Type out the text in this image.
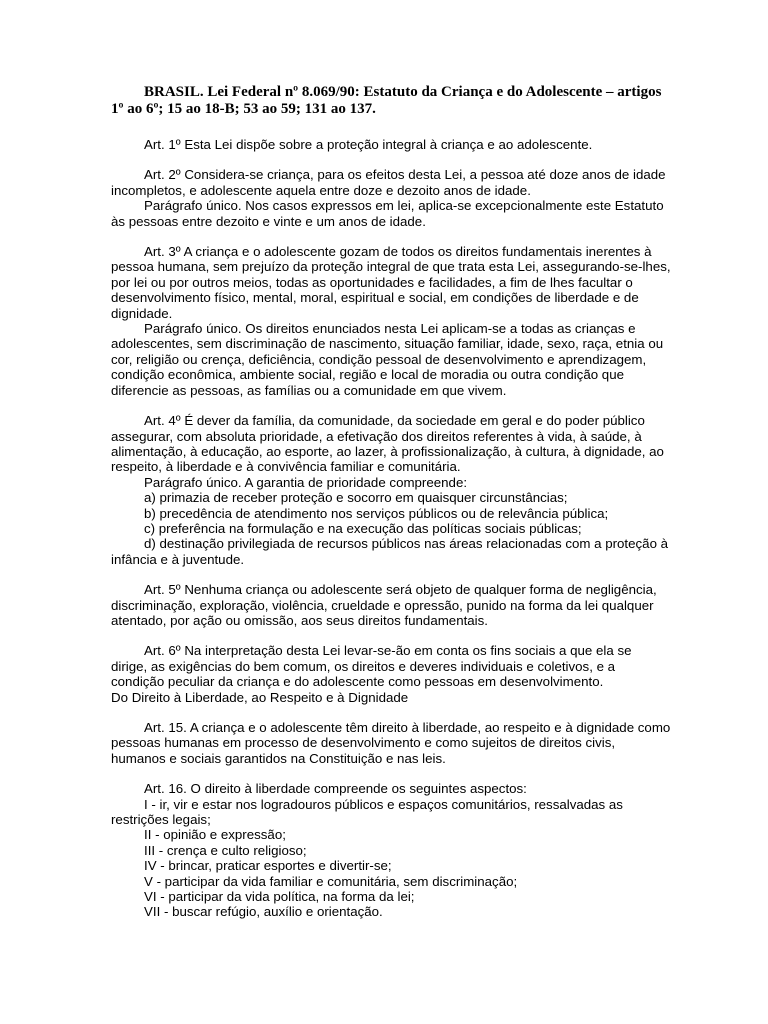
BRASIL. Lei Federal nº 8.069/90: Estatuto da Criança e do Adolescente – artigos 1º ao 6º; 15 ao 18-B; 53 ao 59; 131 ao 137.

Art. 1º Esta Lei dispõe sobre a proteção integral à criança e ao adolescente.

Art. 2º Considera-se criança, para os efeitos desta Lei, a pessoa até doze anos de idade incompletos, e adolescente aquela entre doze e dezoito anos de idade.

Parágrafo único. Nos casos expressos em lei, aplica-se excepcionalmente este Estatuto às pessoas entre dezoito e vinte e um anos de idade.

Art. 3º A criança e o adolescente gozam de todos os direitos fundamentais inerentes à pessoa humana, sem prejuízo da proteção integral de que trata esta Lei, assegurando-se-lhes, por lei ou por outros meios, todas as oportunidades e facilidades, a fim de lhes facultar o desenvolvimento físico, mental, moral, espiritual e social, em condições de liberdade e de dignidade.

Parágrafo único. Os direitos enunciados nesta Lei aplicam-se a todas as crianças e adolescentes, sem discriminação de nascimento, situação familiar, idade, sexo, raça, etnia ou cor, religião ou crença, deficiência, condição pessoal de desenvolvimento e aprendizagem, condição econômica, ambiente social, região e local de moradia ou outra condição que diferencie as pessoas, as famílias ou a comunidade em que vivem.

Art. 4º É dever da família, da comunidade, da sociedade em geral e do poder público assegurar, com absoluta prioridade, a efetivação dos direitos referentes à vida, à saúde, à alimentação, à educação, ao esporte, ao lazer, à profissionalização, à cultura, à dignidade, ao respeito, à liberdade e à convivência familiar e comunitária.

Parágrafo único. A garantia de prioridade compreende:

a) primazia de receber proteção e socorro em quaisquer circunstâncias;

b) precedência de atendimento nos serviços públicos ou de relevância pública;

c) preferência na formulação e na execução das políticas sociais públicas;

d) destinação privilegiada de recursos públicos nas áreas relacionadas com a proteção à infância e à juventude.

Art. 5º Nenhuma criança ou adolescente será objeto de qualquer forma de negligência, discriminação, exploração, violência, crueldade e opressão, punido na forma da lei qualquer atentado, por ação ou omissão, aos seus direitos fundamentais.

Art. 6º Na interpretação desta Lei levar-se-ão em conta os fins sociais a que ela se dirige, as exigências do bem comum, os direitos e deveres individuais e coletivos, e a condição peculiar da criança e do adolescente como pessoas em desenvolvimento.

Do Direito à Liberdade, ao Respeito e à Dignidade

Art. 15. A criança e o adolescente têm direito à liberdade, ao respeito e à dignidade como pessoas humanas em processo de desenvolvimento e como sujeitos de direitos civis, humanos e sociais garantidos na Constituição e nas leis.

Art. 16. O direito à liberdade compreende os seguintes aspectos:

I - ir, vir e estar nos logradouros públicos e espaços comunitários, ressalvadas as restrições legais;

II - opinião e expressão;

III - crença e culto religioso;

IV - brincar, praticar esportes e divertir-se;

V - participar da vida familiar e comunitária, sem discriminação;

VI - participar da vida política, na forma da lei;

VII - buscar refúgio, auxílio e orientação.
